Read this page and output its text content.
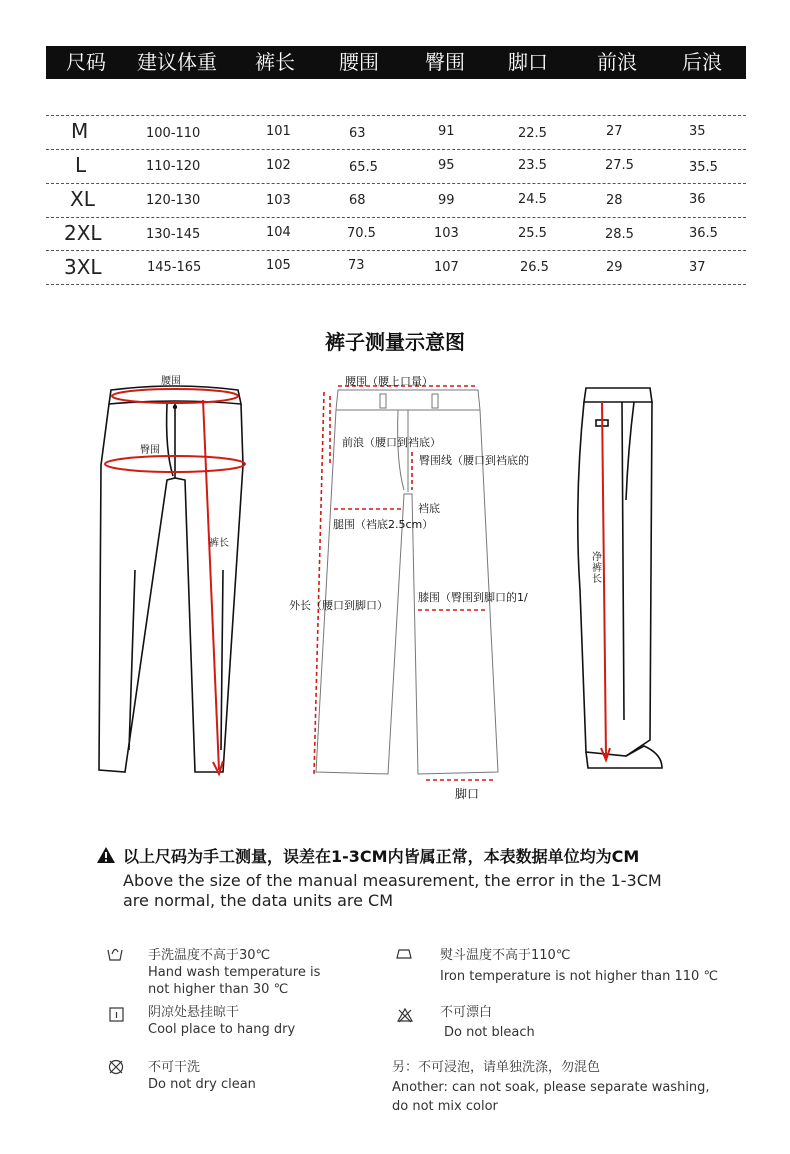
尺码 建议体重 裤长 腰围 臀围 脚口 前浪 后浪
M	100-110	101	63	91	22.5	27	35
L	110-120	102	65.5	95	23.5	27.5	35.5
XL	120-130	103	68	99	24.5	28	36
2XL	130-145	104	70.5	103	25.5	28.5	36.5
3XL	145-165	105	73	107	26.5	29	37
裤子测量示意图
腰围
臀围
裤长
腰围（腰上口量）
前浪（腰口到裆底）
臀围线（腰口到裆底的
裆底
腿围（裆底2.5cm）
外长（腰口到脚口）
膝围（臀围到脚口的1/
脚口
净裤长
以上尺码为手工测量，误差在1-3CM内皆属正常，本表数据单位均为CM
Above the size of the manual measurement, the error in the 1-3CM
are normal, the data units are CM
手洗温度不高于30℃
Hand wash temperature is
not higher than 30 ℃
熨斗温度不高于110℃
Iron temperature is not higher than 110 ℃
阴凉处悬挂晾干
Cool place to hang dry
不可漂白
Do not bleach
不可干洗
Do not dry clean
另：不可浸泡，请单独洗涤，勿混色
Another: can not soak, please separate washing,
do not mix color
